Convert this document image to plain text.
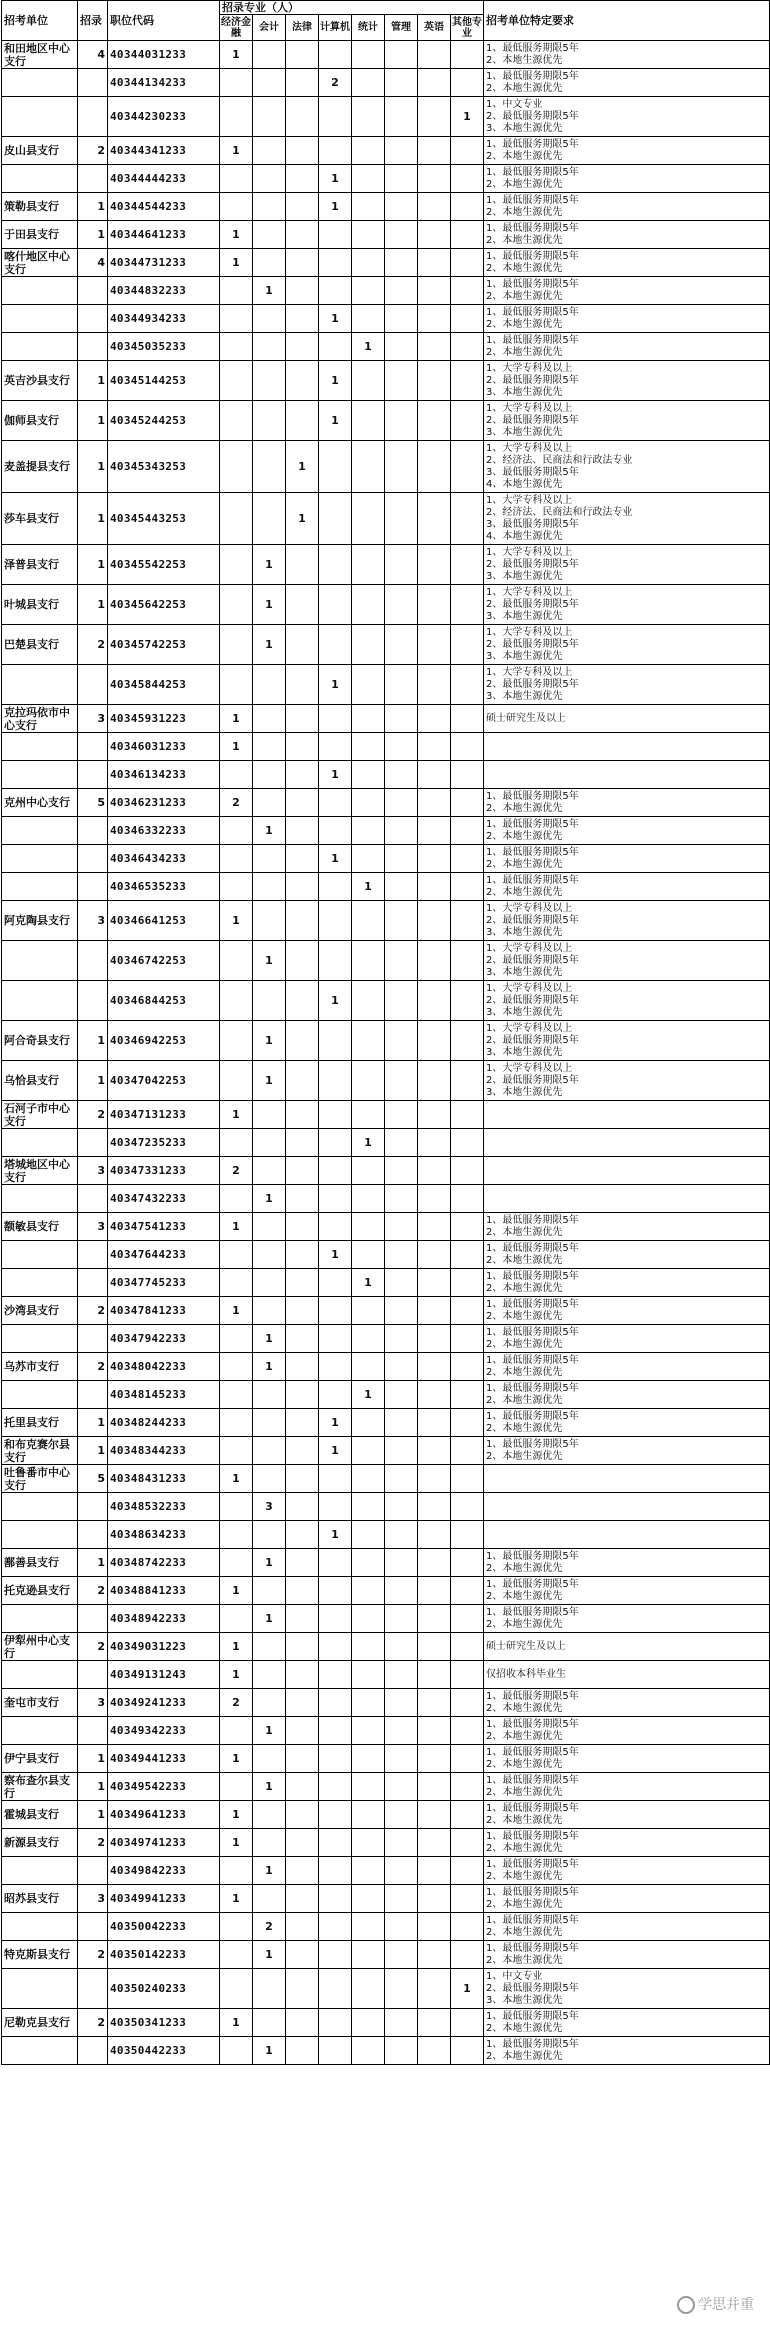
招考单位	招录	职位代码	招录专业（人）								招考单位特定要求
			经济金融	会计	法律	计算机	统计	管理	英语	其他专业	
和田地区中心支行	4	40344031233	1								1、最低服务期限5年
2、本地生源优先

		40344134233				2					1、最低服务期限5年
2、本地生源优先

		40344230233								1	1、中文专业
2、最低服务期限5年
3、本地生源优先

皮山县支行	2	40344341233	1								1、最低服务期限5年
2、本地生源优先

		40344444233				1					1、最低服务期限5年
2、本地生源优先

策勒县支行	1	40344544233				1					1、最低服务期限5年
2、本地生源优先

于田县支行	1	40344641233	1								1、最低服务期限5年
2、本地生源优先

喀什地区中心支行	4	40344731233	1								1、最低服务期限5年
2、本地生源优先

		40344832233		1							1、最低服务期限5年
2、本地生源优先

		40344934233				1					1、最低服务期限5年
2、本地生源优先

		40345035233					1				1、最低服务期限5年
2、本地生源优先

英吉沙县支行	1	40345144253				1					1、大学专科及以上
2、最低服务期限5年
3、本地生源优先

伽师县支行	1	40345244253				1					1、大学专科及以上
2、最低服务期限5年
3、本地生源优先

麦盖提县支行	1	40345343253			1						1、大学专科及以上
2、经济法、民商法和行政法专业
3、最低服务期限5年
4、本地生源优先

莎车县支行	1	40345443253			1						1、大学专科及以上
2、经济法、民商法和行政法专业
3、最低服务期限5年
4、本地生源优先

泽普县支行	1	40345542253		1							1、大学专科及以上
2、最低服务期限5年
3、本地生源优先

叶城县支行	1	40345642253		1							1、大学专科及以上
2、最低服务期限5年
3、本地生源优先

巴楚县支行	2	40345742253		1							1、大学专科及以上
2、最低服务期限5年
3、本地生源优先

		40345844253				1					1、大学专科及以上
2、最低服务期限5年
3、本地生源优先

克拉玛依市中心支行	3	40345931223	1								硕士研究生及以上

		40346031233	1								
		40346134233				1					
克州中心支行	5	40346231233	2								1、最低服务期限5年
2、本地生源优先

		40346332233		1							1、最低服务期限5年
2、本地生源优先

		40346434233				1					1、最低服务期限5年
2、本地生源优先

		40346535233					1				1、最低服务期限5年
2、本地生源优先

阿克陶县支行	3	40346641253	1								1、大学专科及以上
2、最低服务期限5年
3、本地生源优先

		40346742253		1							1、大学专科及以上
2、最低服务期限5年
3、本地生源优先

		40346844253				1					1、大学专科及以上
2、最低服务期限5年
3、本地生源优先

阿合奇县支行	1	40346942253		1							1、大学专科及以上
2、最低服务期限5年
3、本地生源优先

乌恰县支行	1	40347042253		1							1、大学专科及以上
2、最低服务期限5年
3、本地生源优先

石河子市中心支行	2	40347131233	1								
		40347235233					1				
塔城地区中心支行	3	40347331233	2								
		40347432233		1							
额敏县支行	3	40347541233	1								1、最低服务期限5年
2、本地生源优先

		40347644233				1					1、最低服务期限5年
2、本地生源优先

		40347745233					1				1、最低服务期限5年
2、本地生源优先

沙湾县支行	2	40347841233	1								1、最低服务期限5年
2、本地生源优先

		40347942233		1							1、最低服务期限5年
2、本地生源优先

乌苏市支行	2	40348042233		1							1、最低服务期限5年
2、本地生源优先

		40348145233					1				1、最低服务期限5年
2、本地生源优先

托里县支行	1	40348244233				1					1、最低服务期限5年
2、本地生源优先

和布克赛尔县支行	1	40348344233				1					1、最低服务期限5年
2、本地生源优先

吐鲁番市中心支行	5	40348431233	1								
		40348532233		3							
		40348634233				1					
鄯善县支行	1	40348742233		1							1、最低服务期限5年
2、本地生源优先

托克逊县支行	2	40348841233	1								1、最低服务期限5年
2、本地生源优先

		40348942233		1							1、最低服务期限5年
2、本地生源优先

伊犁州中心支行	2	40349031223	1								硕士研究生及以上

		40349131243	1								仅招收本科毕业生

奎屯市支行	3	40349241233	2								1、最低服务期限5年
2、本地生源优先

		40349342233		1							1、最低服务期限5年
2、本地生源优先

伊宁县支行	1	40349441233	1								1、最低服务期限5年
2、本地生源优先

察布查尔县支行	1	40349542233		1							1、最低服务期限5年
2、本地生源优先

霍城县支行	1	40349641233	1								1、最低服务期限5年
2、本地生源优先

新源县支行	2	40349741233	1								1、最低服务期限5年
2、本地生源优先

		40349842233		1							1、最低服务期限5年
2、本地生源优先

昭苏县支行	3	40349941233	1								1、最低服务期限5年
2、本地生源优先

		40350042233		2							1、最低服务期限5年
2、本地生源优先

特克斯县支行	2	40350142233		1							1、最低服务期限5年
2、本地生源优先

		40350240233								1	1、中文专业
2、最低服务期限5年
3、本地生源优先

尼勒克县支行	2	40350341233	1								1、最低服务期限5年
2、本地生源优先

		40350442233		1							1、最低服务期限5年
2、本地生源优先
学思并重
